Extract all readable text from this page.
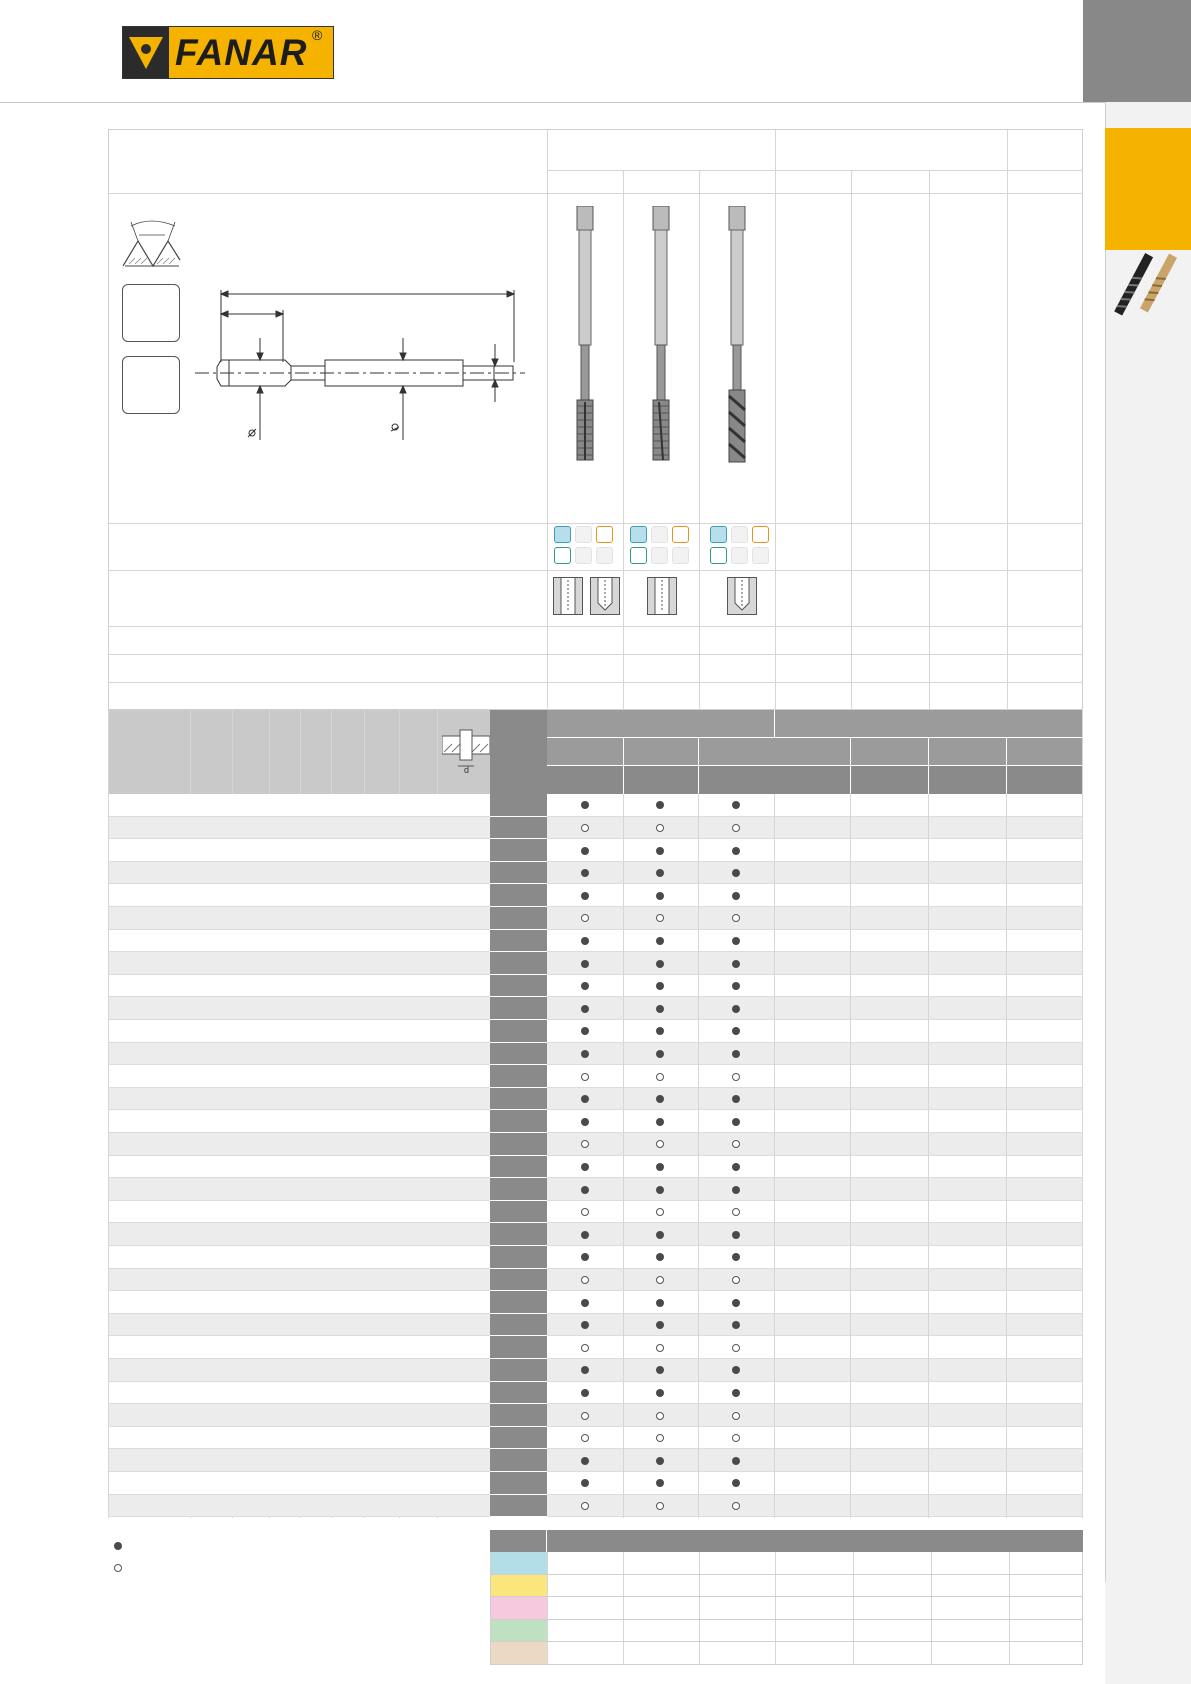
FANAR ®
d
